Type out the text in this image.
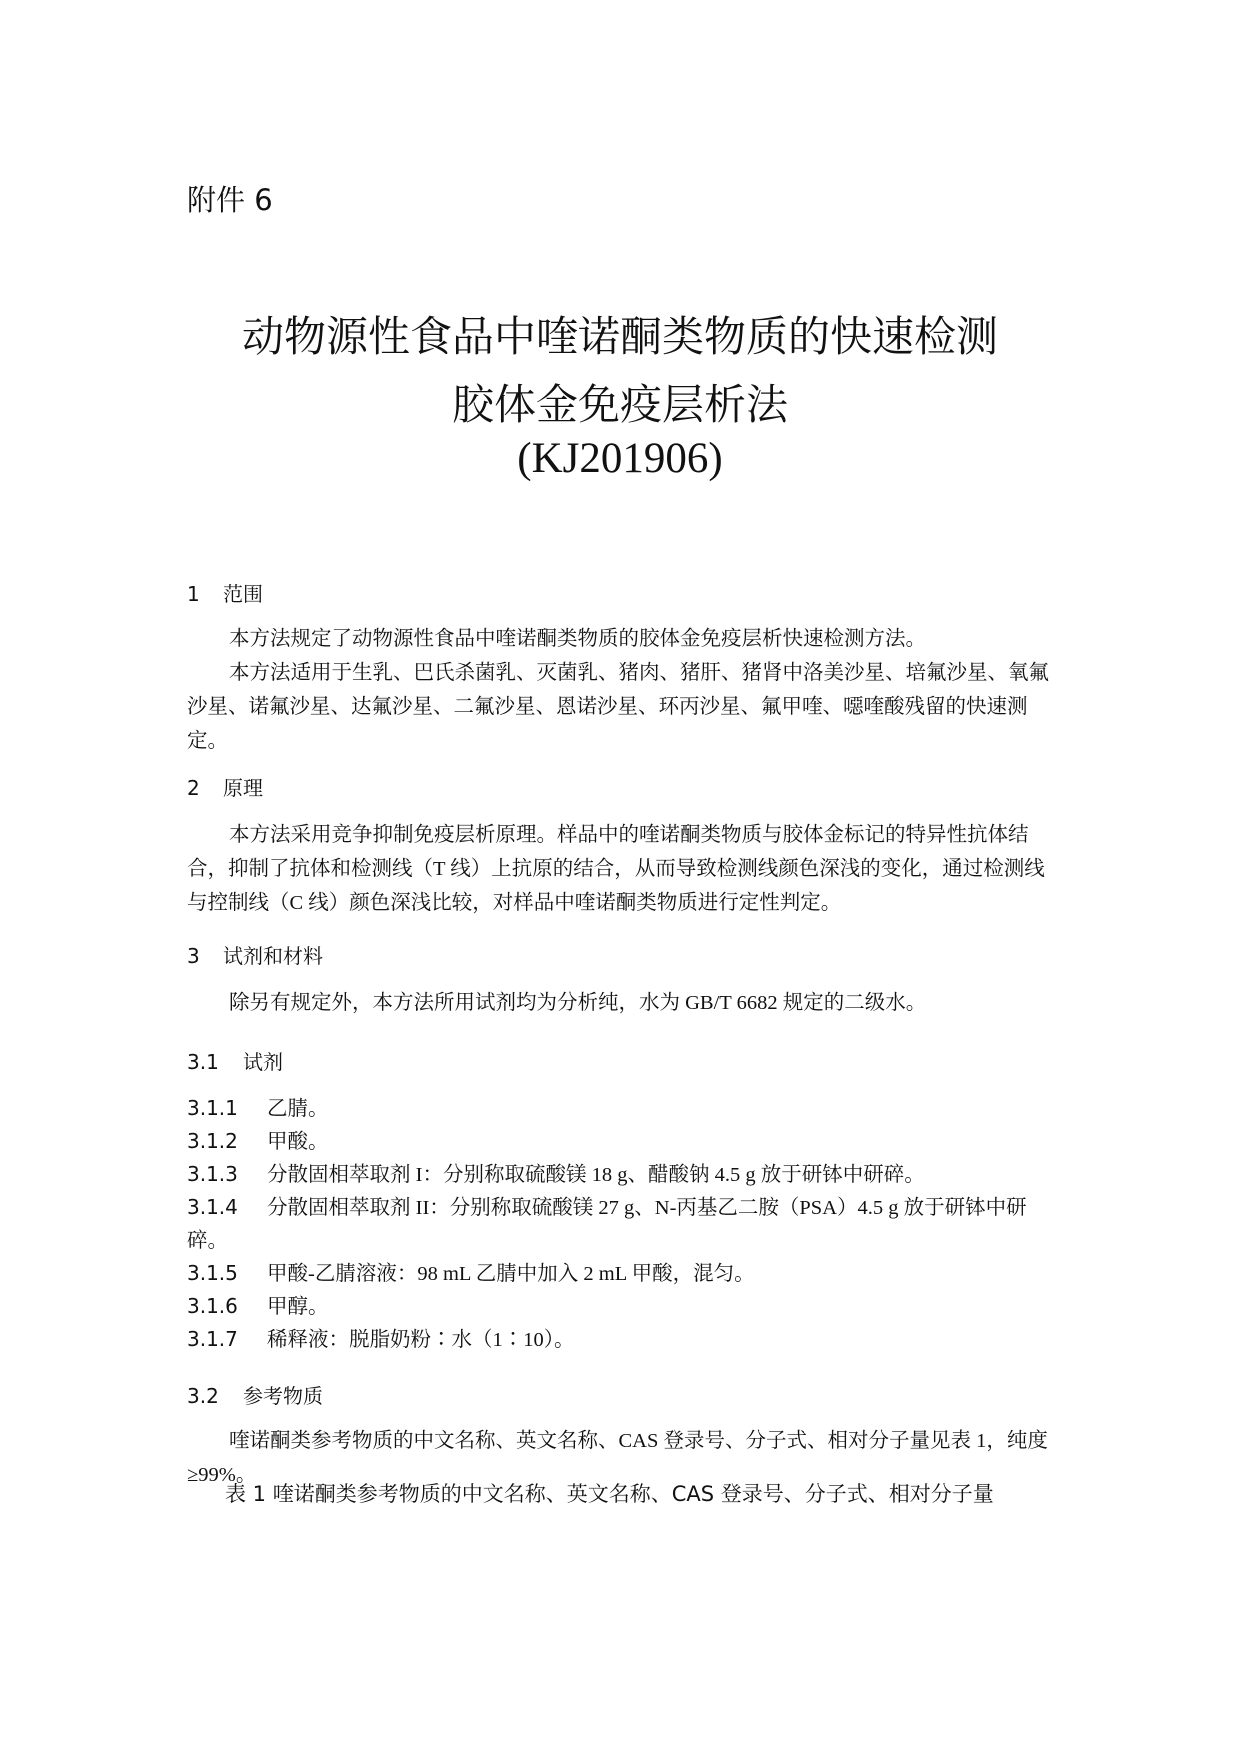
附件 6
动物源性食品中喹诺酮类物质的快速检测
胶体金免疫层析法
(KJ201906)
1 范围
本方法规定了动物源性食品中喹诺酮类物质的胶体金免疫层析快速检测方法。
本方法适用于生乳、巴氏杀菌乳、灭菌乳、猪肉、猪肝、猪肾中洛美沙星、培氟沙星、氧氟沙星、诺氟沙星、达氟沙星、二氟沙星、恩诺沙星、环丙沙星、氟甲喹、噁喹酸残留的快速测定。
2 原理
本方法采用竞争抑制免疫层析原理。样品中的喹诺酮类物质与胶体金标记的特异性抗体结合，抑制了抗体和检测线（T 线）上抗原的结合，从而导致检测线颜色深浅的变化，通过检测线与控制线（C 线）颜色深浅比较，对样品中喹诺酮类物质进行定性判定。
3 试剂和材料
除另有规定外，本方法所用试剂均为分析纯，水为 GB/T 6682 规定的二级水。
3.1 试剂
3.1.1 乙腈。
3.1.2 甲酸。
3.1.3 分散固相萃取剂 I：分别称取硫酸镁 18 g、醋酸钠 4.5 g 放于研钵中研碎。
3.1.4 分散固相萃取剂 II：分别称取硫酸镁 27 g、N-丙基乙二胺（PSA）4.5 g 放于研钵中研碎。
3.1.5 甲酸-乙腈溶液：98 mL 乙腈中加入 2 mL 甲酸，混匀。
3.1.6 甲醇。
3.1.7 稀释液：脱脂奶粉∶水（1∶10）。
3.2 参考物质
喹诺酮类参考物质的中文名称、英文名称、CAS 登录号、分子式、相对分子量见表 1，纯度≥99%。
表 1 喹诺酮类参考物质的中文名称、英文名称、CAS 登录号、分子式、相对分子量
